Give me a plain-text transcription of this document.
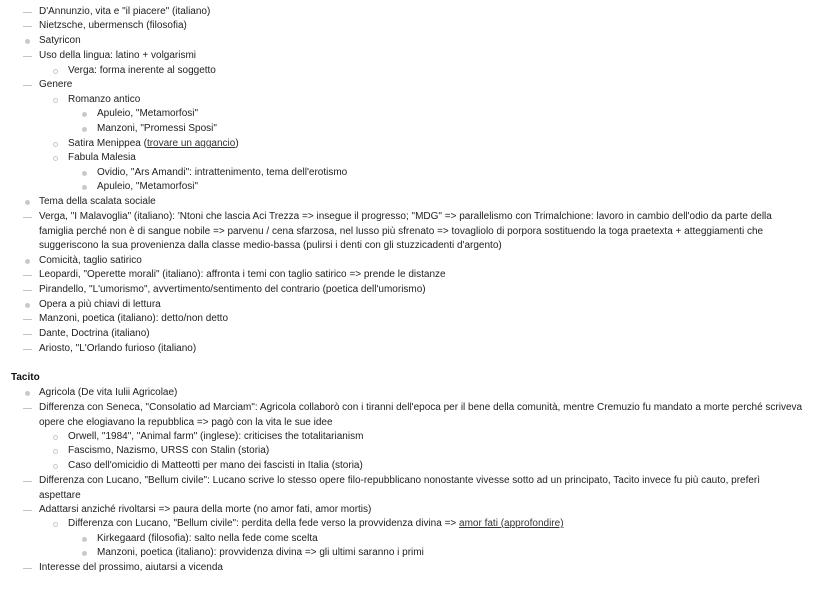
D'Annunzio, vita e "il piacere" (italiano)
Nietzsche, ubermensch (filosofia)
Satyricon
Uso della lingua: latino + volgarismi
Verga: forma inerente al soggetto
Genere
Romanzo antico
Apuleio, "Metamorfosi"
Manzoni, "Promessi Sposi"
Satira Menippea (trovare un aggancio)
Fabula Malesia
Ovidio, "Ars Amandi": intrattenimento, tema dell'erotismo
Apuleio, "Metamorfosi"
Tema della scalata sociale
Verga, "I Malavoglia" (italiano): 'Ntoni che lascia Aci Trezza => insegue il progresso; "MDG" => parallelismo con Trimalchione: lavoro in cambio dell'odio da parte della
famiglia perché non è di sangue nobile => parvenu / cena sfarzosa, nel lusso più sfrenato => tovagliolo di porpora sostituendo la toga praetexta + atteggiamenti che
suggeriscono la sua provenienza dalla classe medio-bassa (pulirsi i denti con gli stuzzicadenti d'argento)
Comicità, taglio satirico
Leopardi, "Operette morali" (italiano): affronta i temi con taglio satirico => prende le distanze
Pirandello, "L'umorismo", avvertimento/sentimento del contrario (poetica dell'umorismo)
Opera a più chiavi di lettura
Manzoni, poetica (italiano): detto/non detto
Dante, Doctrina (italiano)
Ariosto, "L'Orlando furioso (italiano)
Tacito
Agricola (De vita Iulii Agricolae)
Differenza con Seneca, "Consolatio ad Marciam": Agricola collaborò con i tiranni dell'epoca per il bene della comunità, mentre Cremuzio fu mandato a morte perché scriveva
opere che elogiavano la repubblica => pagò con la vita le sue idee
Orwell, "1984", "Animal farm" (inglese): criticises the totalitarianism
Fascismo, Nazismo, URSS con Stalin (storia)
Caso dell'omicidio di Matteotti per mano dei fascisti in Italia (storia)
Differenza con Lucano, "Bellum civile": Lucano scrive lo stesso opere filo-repubblicano nonostante vivesse sotto ad un principato, Tacito invece fu più cauto, preferì
aspettare
Adattarsi anziché rivoltarsi => paura della morte (no amor fati, amor mortis)
Differenza con Lucano, "Bellum civile": perdita della fede verso la provvidenza divina => amor fati (approfondire)
Kirkegaard (filosofia): salto nella fede come scelta
Manzoni, poetica (italiano): provvidenza divina => gli ultimi saranno i primi
Interesse del prossimo, aiutarsi a vicenda
